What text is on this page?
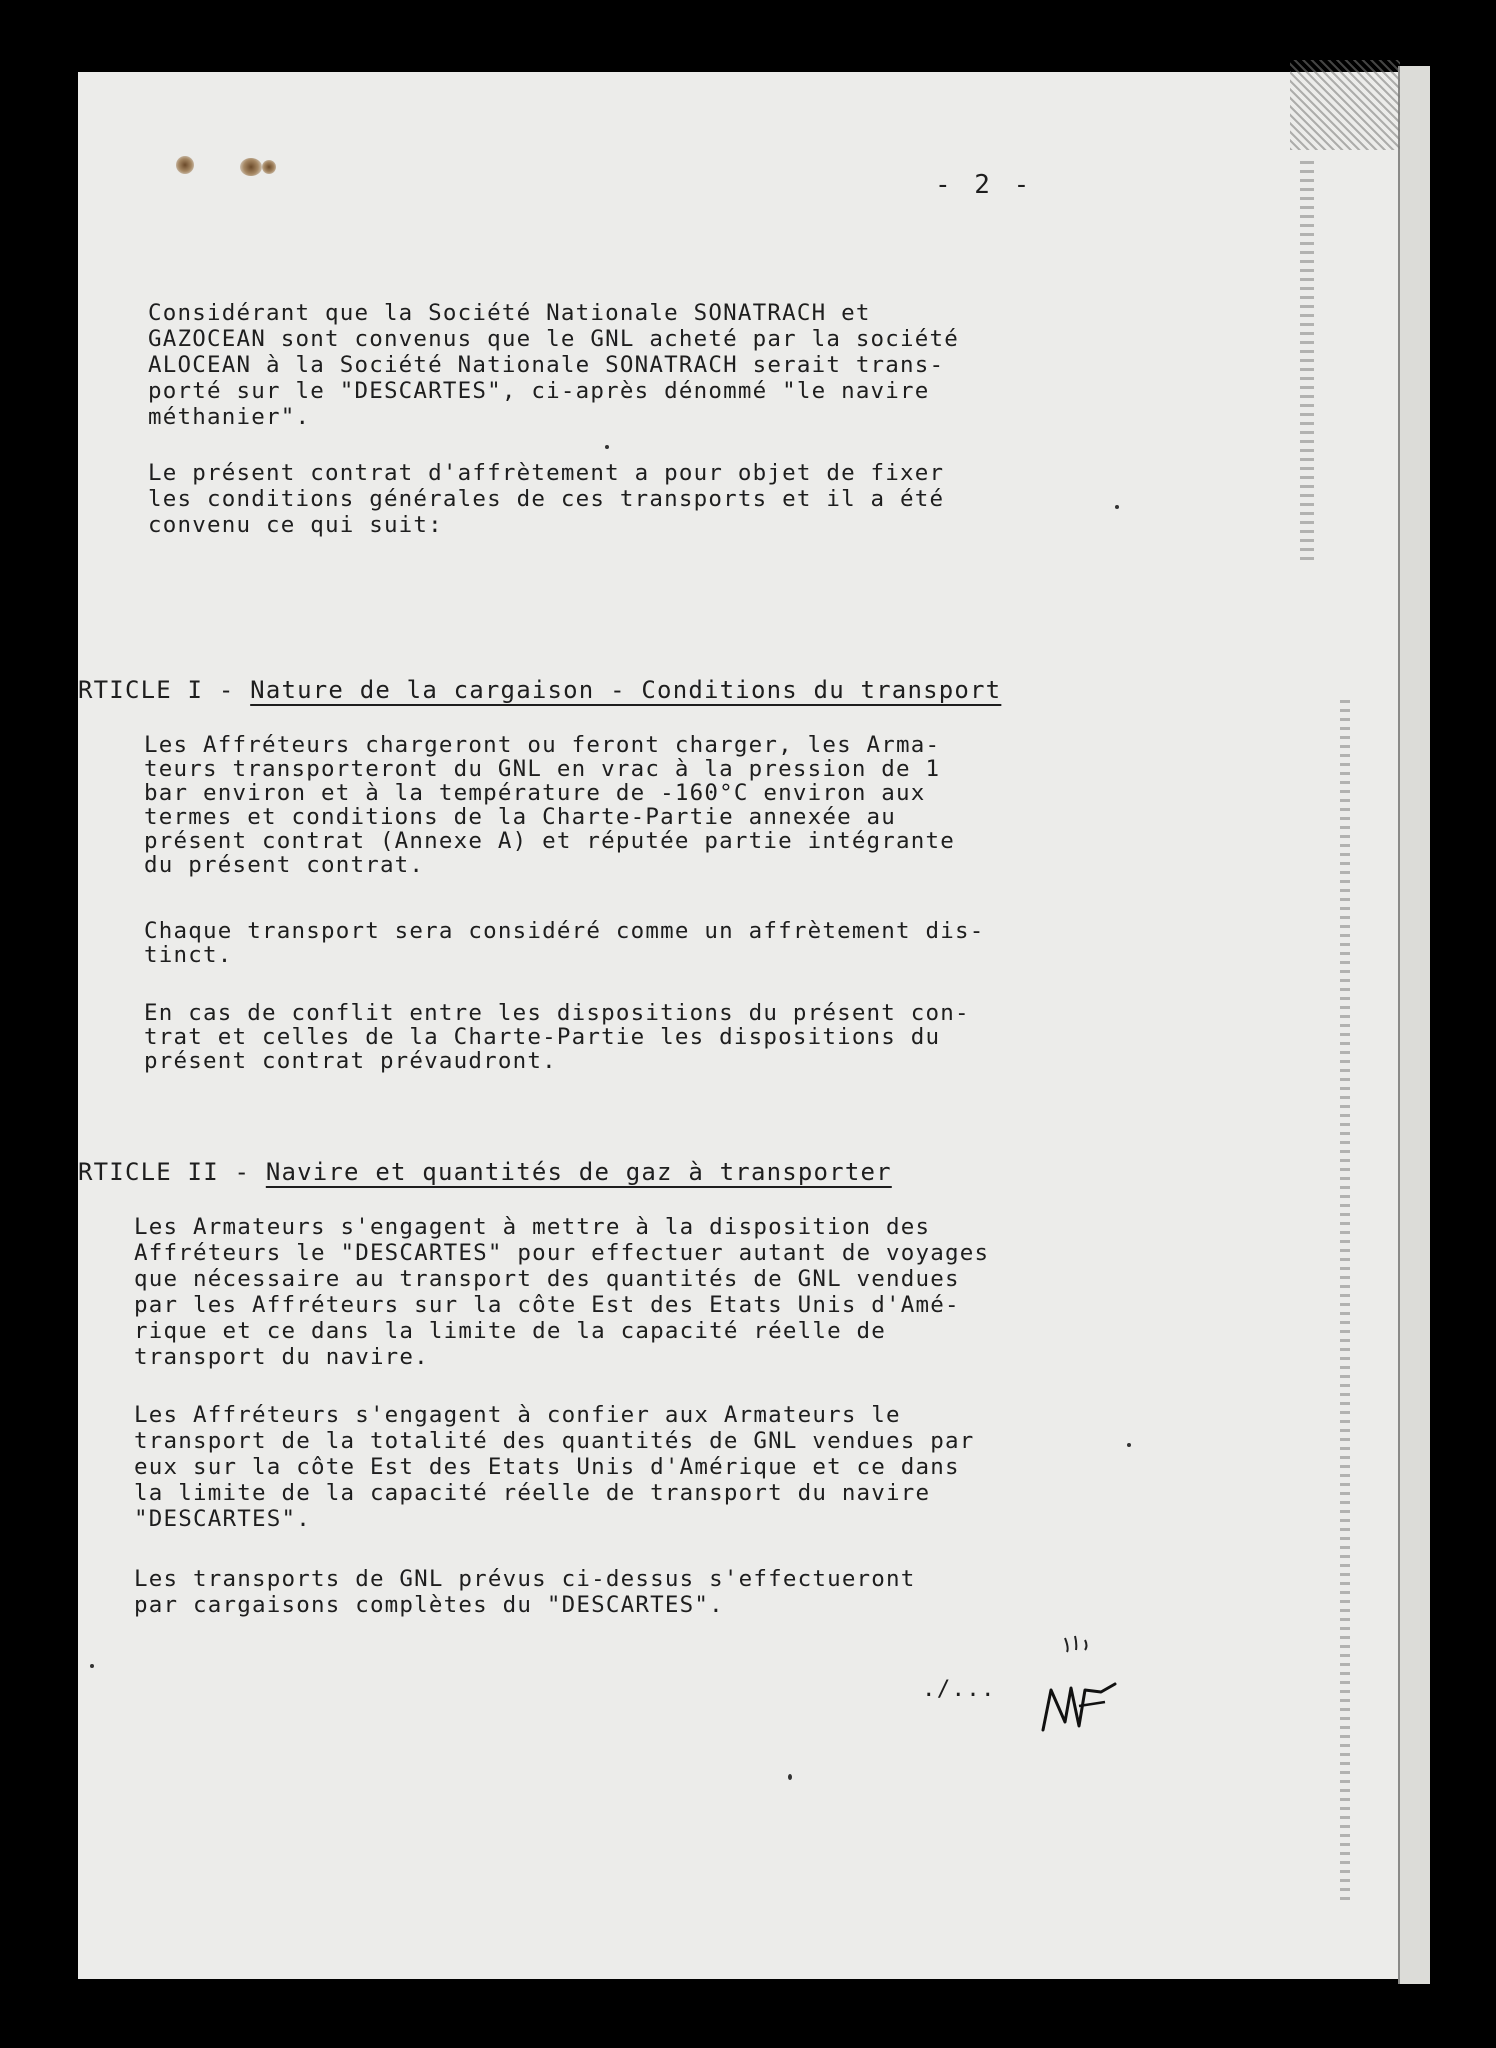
- 2 -
Considérant que la Société Nationale SONATRACH et
GAZOCEAN sont convenus que le GNL acheté par la société
ALOCEAN à la Société Nationale SONATRACH serait trans-
porté sur le "DESCARTES", ci-après dénommé "le navire
méthanier".
Le présent contrat d'affrètement a pour objet de fixer
les conditions générales de ces transports et il a été
convenu ce qui suit:
RTICLE I - Nature de la cargaison - Conditions du transport
Les Affréteurs chargeront ou feront charger, les Arma-
teurs transporteront du GNL en vrac à la pression de 1
bar environ et à la température de -160°C environ aux
termes et conditions de la Charte-Partie annexée au
présent contrat (Annexe A) et réputée partie intégrante
du présent contrat.
Chaque transport sera considéré comme un affrètement dis-
tinct.
En cas de conflit entre les dispositions du présent con-
trat et celles de la Charte-Partie les dispositions du
présent contrat prévaudront.
RTICLE II - Navire et quantités de gaz à transporter
Les Armateurs s'engagent à mettre à la disposition des
Affréteurs le "DESCARTES" pour effectuer autant de voyages
que nécessaire au transport des quantités de GNL vendues
par les Affréteurs sur la côte Est des Etats Unis d'Amé-
rique et ce dans la limite de la capacité réelle de
transport du navire.
Les Affréteurs s'engagent à confier aux Armateurs le
transport de la totalité des quantités de GNL vendues par
eux sur la côte Est des Etats Unis d'Amérique et ce dans
la limite de la capacité réelle de transport du navire
"DESCARTES".
Les transports de GNL prévus ci-dessus s'effectueront
par cargaisons complètes du "DESCARTES".
./...
